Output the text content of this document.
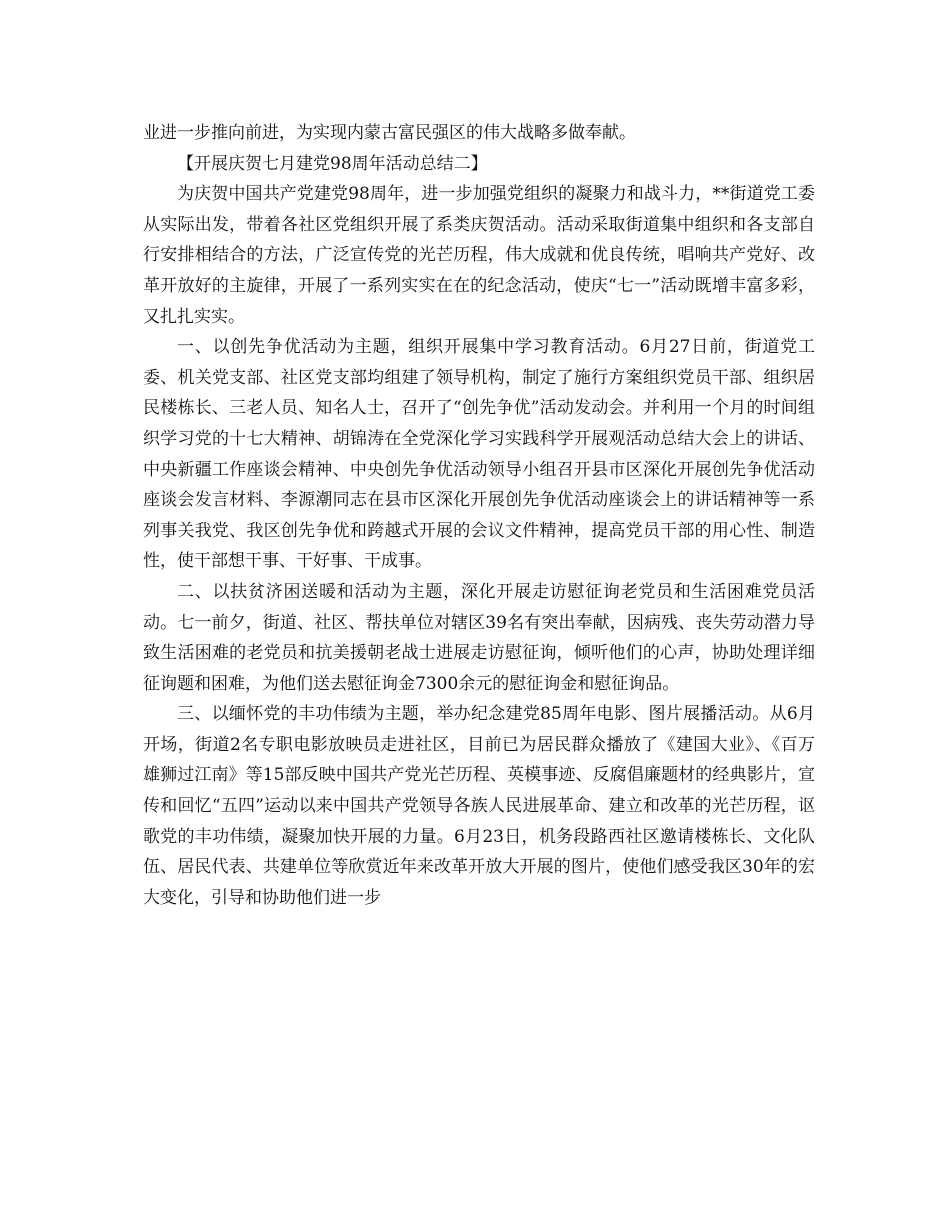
业进一步推向前进，为实现内蒙古富民强区的伟大战略多做奉献。

【开展庆贺七月建党98周年活动总结二】

为庆贺中国共产党建党98周年，进一步加强党组织的凝聚力和战斗力，**街道党工委从实际出发，带着各社区党组织开展了系类庆贺活动。活动采取街道集中组织和各支部自行安排相结合的方法，广泛宣传党的光芒历程，伟大成就和优良传统，唱响共产党好、改革开放好的主旋律，开展了一系列实实在在的纪念活动，使庆“七一”活动既增丰富多彩，又扎扎实实。

一、以创先争优活动为主题，组织开展集中学习教育活动。6月27日前，街道党工委、机关党支部、社区党支部均组建了领导机构，制定了施行方案组织党员干部、组织居民楼栋长、三老人员、知名人士，召开了“创先争优”活动发动会。并利用一个月的时间组织学习党的十七大精神、胡锦涛在全党深化学习实践科学开展观活动总结大会上的讲话、中央新疆工作座谈会精神、中央创先争优活动领导小组召开县市区深化开展创先争优活动座谈会发言材料、李源潮同志在县市区深化开展创先争优活动座谈会上的讲话精神等一系列事关我党、我区创先争优和跨越式开展的会议文件精神，提高党员干部的用心性、制造性，使干部想干事、干好事、干成事。

二、以扶贫济困送暖和活动为主题，深化开展走访慰征询老党员和生活困难党员活动。七一前夕，街道、社区、帮扶单位对辖区39名有突出奉献，因病残、丧失劳动潜力导致生活困难的老党员和抗美援朝老战士进展走访慰征询，倾听他们的心声，协助处理详细征询题和困难，为他们送去慰征询金7300余元的慰征询金和慰征询品。

三、以缅怀党的丰功伟绩为主题，举办纪念建党85周年电影、图片展播活动。从6月开场，街道2名专职电影放映员走进社区，目前已为居民群众播放了《建国大业》、《百万雄狮过江南》等15部反映中国共产党光芒历程、英模事迹、反腐倡廉题材的经典影片，宣传和回忆“五四”运动以来中国共产党领导各族人民进展革命、建立和改革的光芒历程，讴歌党的丰功伟绩，凝聚加快开展的力量。6月23日，机务段路西社区邀请楼栋长、文化队伍、居民代表、共建单位等欣赏近年来改革开放大开展的图片，使他们感受我区30年的宏大变化，引导和协助他们进一步
